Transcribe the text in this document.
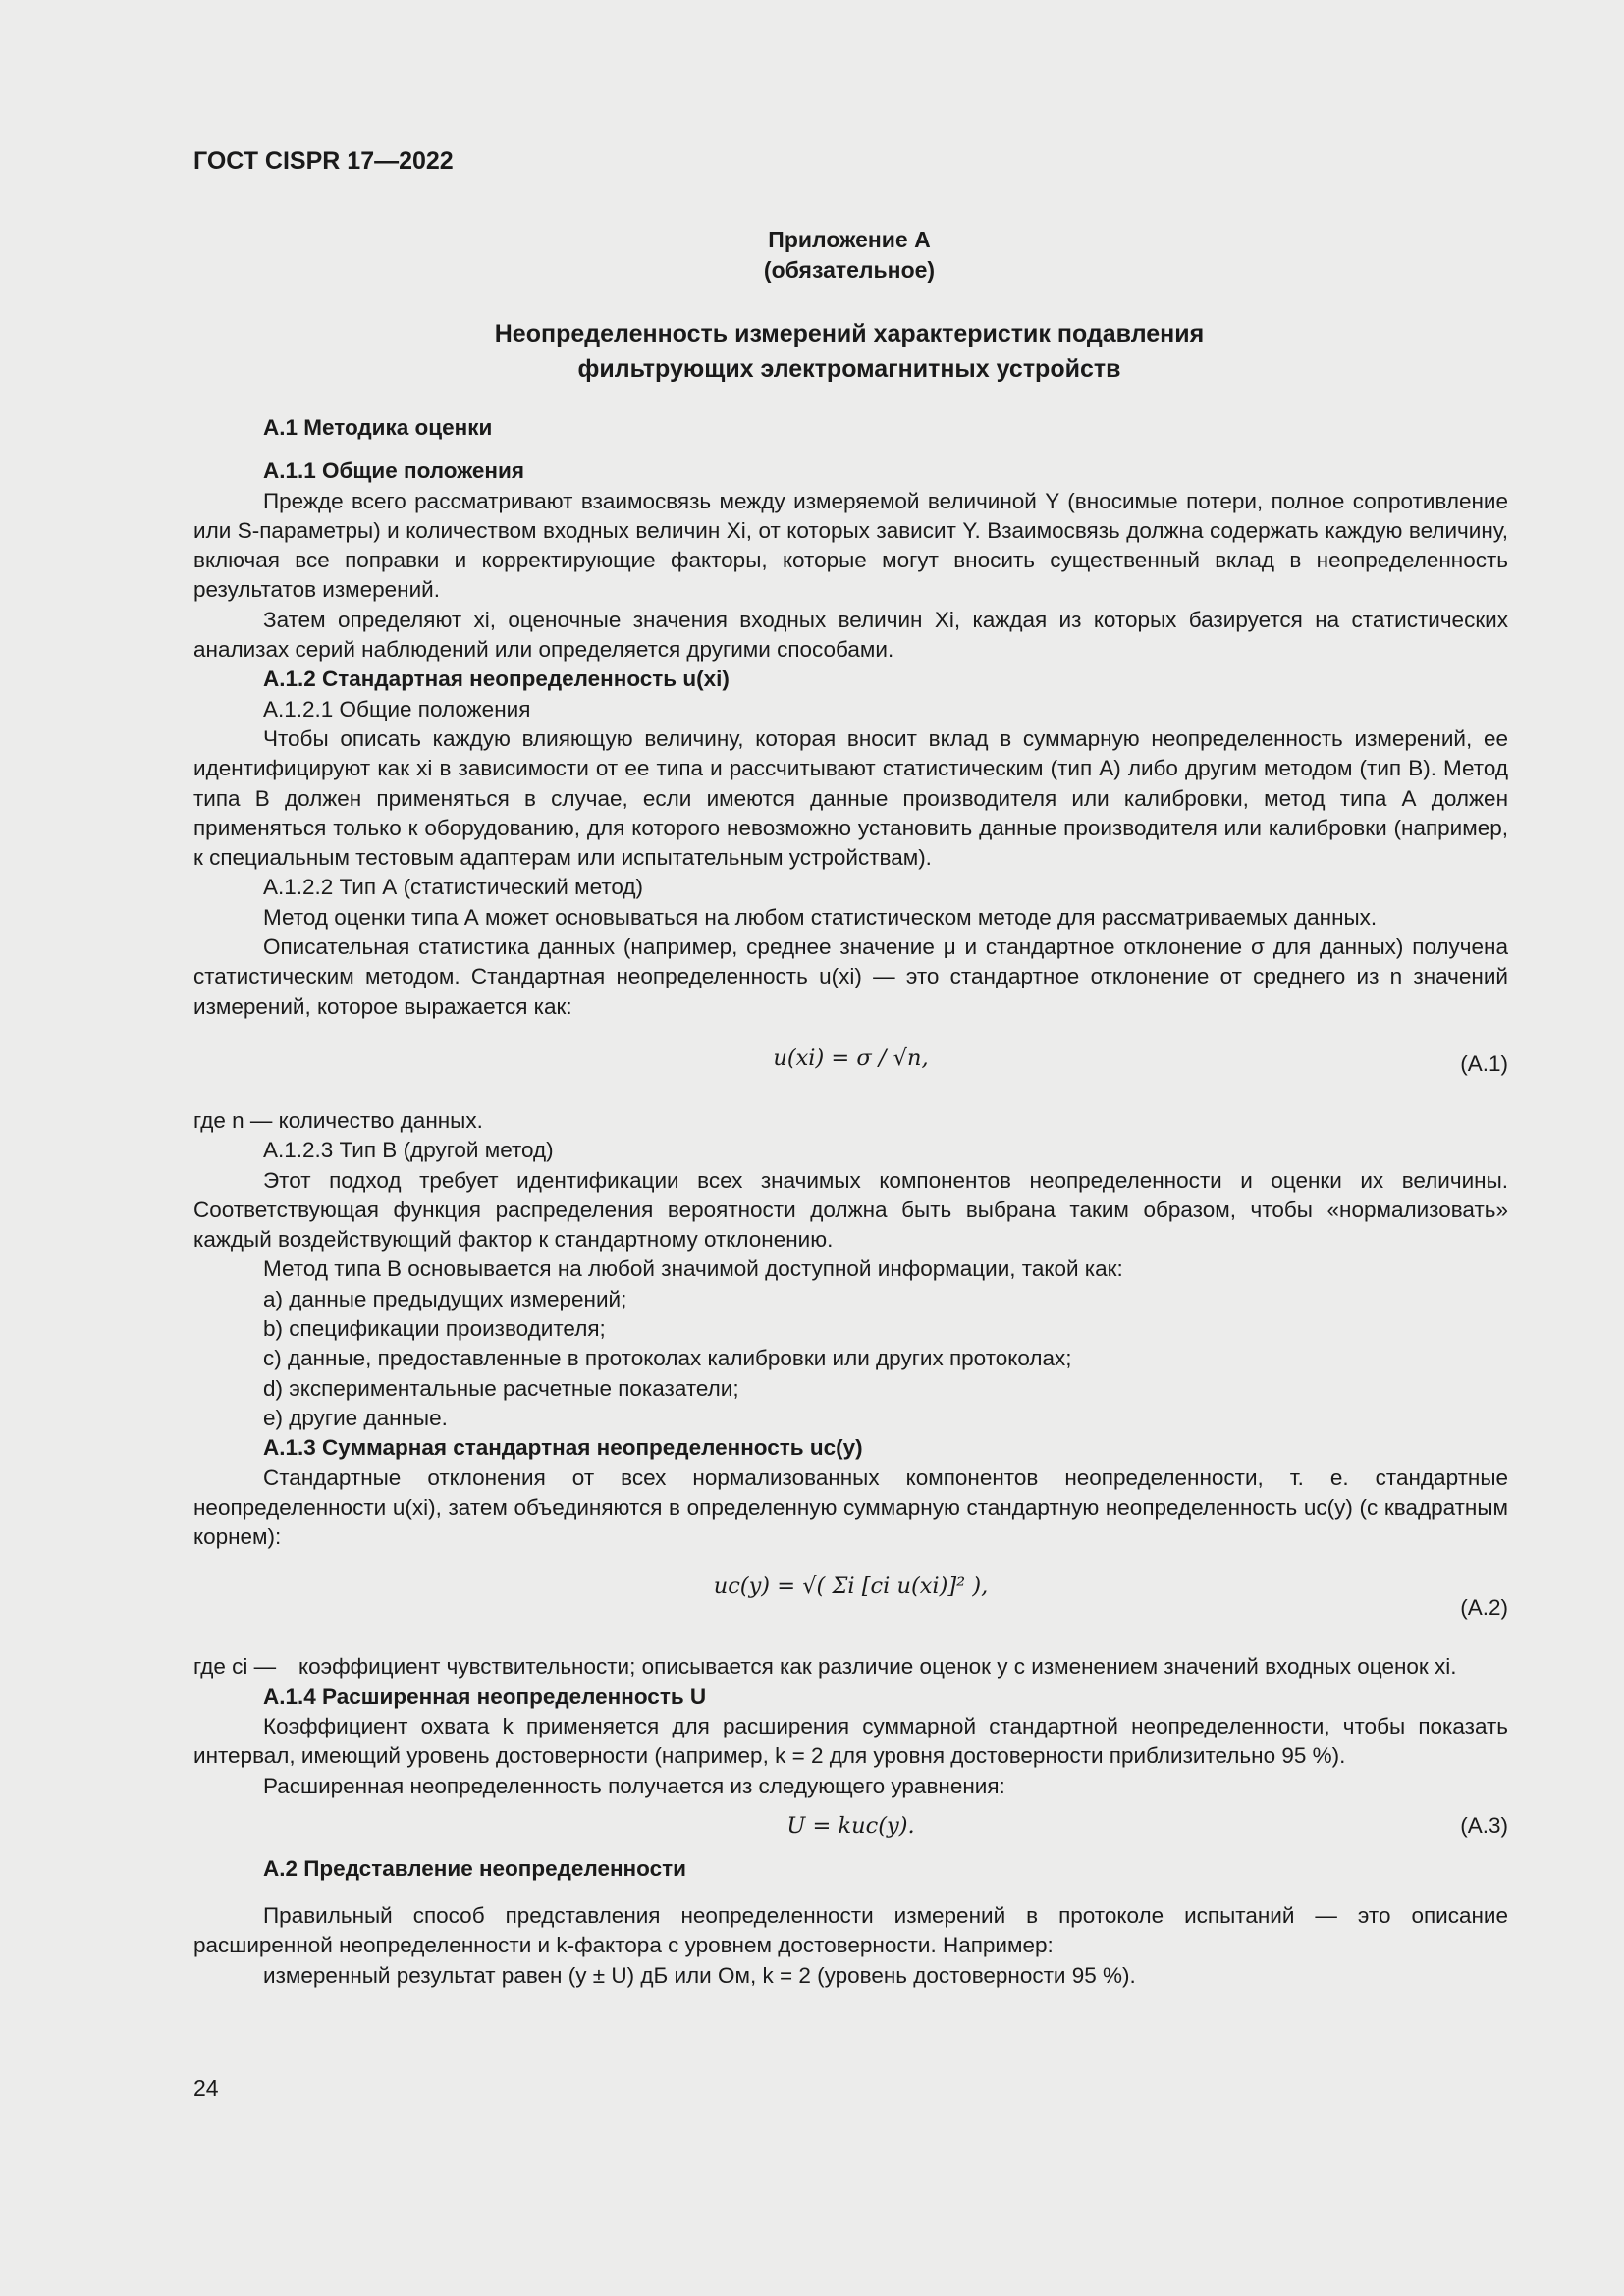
ГОСТ CISPR 17—2022
Приложение А
(обязательное)
Неопределенность измерений характеристик подавления
фильтрующих электромагнитных устройств

А.1 Методика оценки

А.1.1 Общие положения

Прежде всего рассматривают взаимосвязь между измеряемой величиной Y (вносимые потери, полное сопротивление или S-параметры) и количеством входных величин Xi, от которых зависит Y. Взаимосвязь должна содержать каждую величину, включая все поправки и корректирующие факторы, которые могут вносить существенный вклад в неопределенность результатов измерений.

Затем определяют xi, оценочные значения входных величин Xi, каждая из которых базируется на статистических анализах серий наблюдений или определяется другими способами.

А.1.2 Стандартная неопределенность u(xi)

А.1.2.1 Общие положения

Чтобы описать каждую влияющую величину, которая вносит вклад в суммарную неопределенность измерений, ее идентифицируют как xi в зависимости от ее типа и рассчитывают статистическим (тип А) либо другим методом (тип В). Метод типа В должен применяться в случае, если имеются данные производителя или калибровки, метод типа А должен применяться только к оборудованию, для которого невозможно установить данные производителя или калибровки (например, к специальным тестовым адаптерам или испытательным устройствам).

А.1.2.2 Тип А (статистический метод)

Метод оценки типа А может основываться на любом статистическом методе для рассматриваемых данных.

Описательная статистика данных (например, среднее значение μ и стандартное отклонение σ для данных) получена статистическим методом. Стандартная неопределенность u(xi) — это стандартное отклонение от среднего из n значений измерений, которое выражается как:

u(xi) = σ / √n,	(А.1)

где n — количество данных.

А.1.2.3 Тип В (другой метод)

Этот подход требует идентификации всех значимых компонентов неопределенности и оценки их величины. Соответствующая функция распределения вероятности должна быть выбрана таким образом, чтобы «нормализовать» каждый воздействующий фактор к стандартному отклонению.

Метод типа В основывается на любой значимой доступной информации, такой как:

a) данные предыдущих измерений;

b) спецификации производителя;

c) данные, предоставленные в протоколах калибровки или других протоколах;

d) экспериментальные расчетные показатели;

e) другие данные.

А.1.3 Суммарная стандартная неопределенность uc(y)

Стандартные отклонения от всех нормализованных компонентов неопределенности, т. е. стандартные неопределенности u(xi), затем объединяются в определенную суммарную стандартную неопределенность uc(y) (с квадратным корнем):

uc(y) = √( Σi [ci u(xi)]² ),
(А.2)
где ci —	коэффициент чувствительности; описывается как различие оценок y с изменением значений входных оценок xi.

А.1.4 Расширенная неопределенность U

Коэффициент охвата k применяется для расширения суммарной стандартной неопределенности, чтобы показать интервал, имеющий уровень достоверности (например, k = 2 для уровня достоверности приблизительно 95 %).

Расширенная неопределенность получается из следующего уравнения:

U = kuc(y).	(А.3)

А.2 Представление неопределенности

Правильный способ представления неопределенности измерений в протоколе испытаний — это описание расширенной неопределенности и k-фактора с уровнем достоверности. Например:

измеренный результат равен (y ± U) дБ или Ом, k = 2 (уровень достоверности 95 %).

24
